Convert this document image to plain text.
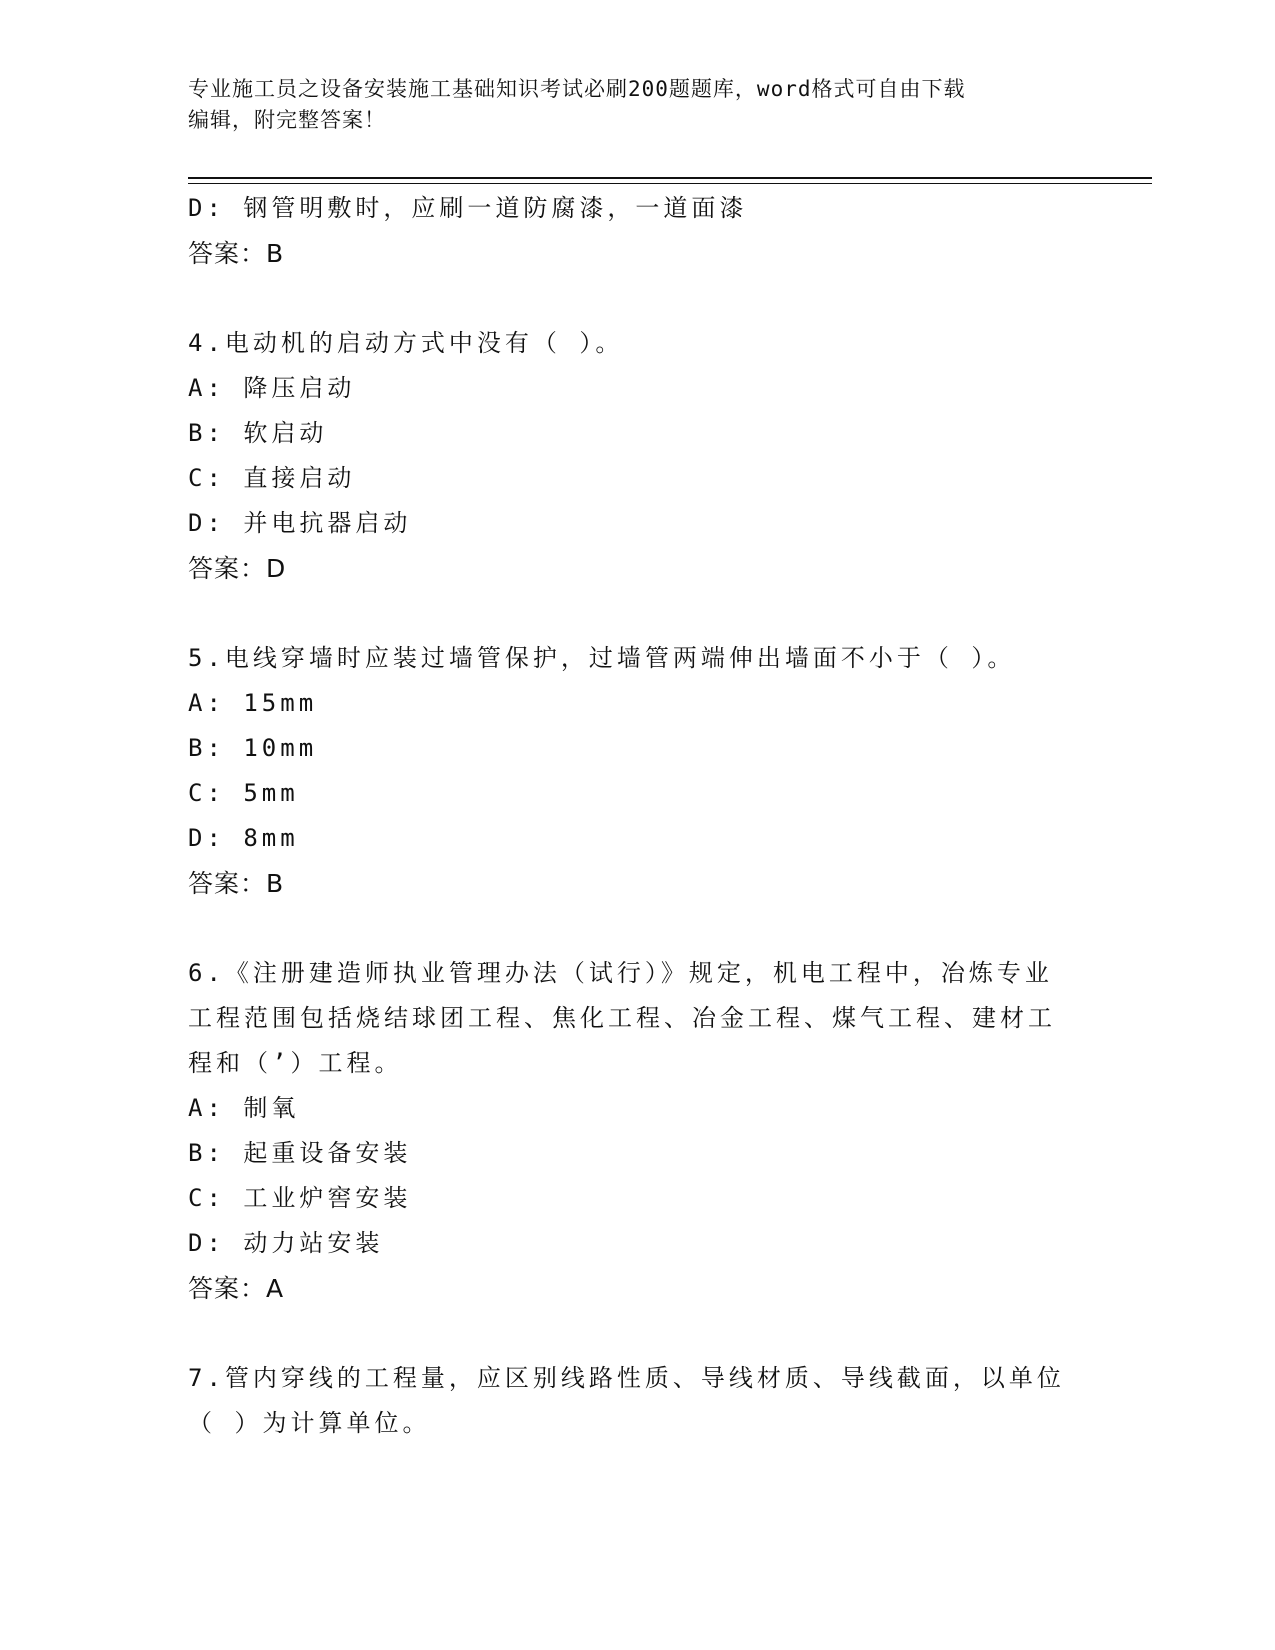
专业施工员之设备安装施工基础知识考试必刷200题题库，word格式可自由下载
编辑，附完整答案！
D: 钢管明敷时，应刷一道防腐漆，一道面漆
答案：B
4.电动机的启动方式中没有（ ）。
A: 降压启动
B: 软启动
C: 直接启动
D: 并电抗器启动
答案：D
5.电线穿墙时应装过墙管保护，过墙管两端伸出墙面不小于（ ）。
A: 15mm
B: 10mm
C: 5mm
D: 8mm
答案：B
6.《注册建造师执业管理办法（试行）》规定，机电工程中，冶炼专业工程范围包括烧结球团工程、焦化工程、冶金工程、煤气工程、建材工程和（’）工程。
A: 制氧
B: 起重设备安装
C: 工业炉窖安装
D: 动力站安装
答案：A
7.管内穿线的工程量，应区别线路性质、导线材质、导线截面，以单位（ ）为计算单位。
